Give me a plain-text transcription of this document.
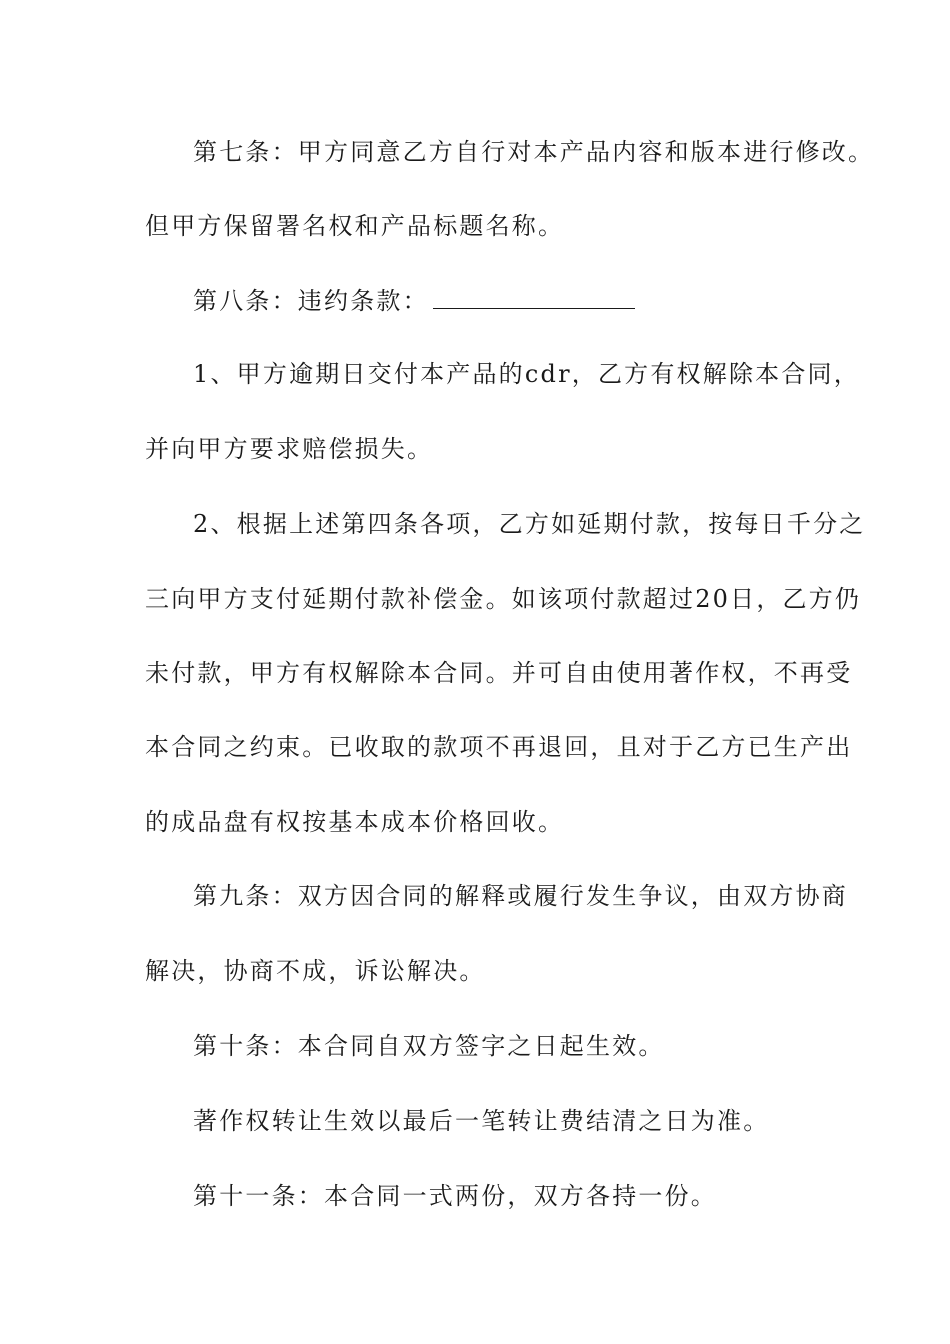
第七条：甲方同意乙方自行对本产品内容和版本进行修改。
但甲方保留署名权和产品标题名称。
第八条：违约条款：
1、甲方逾期日交付本产品的cdr，乙方有权解除本合同，
并向甲方要求赔偿损失。
2、根据上述第四条各项，乙方如延期付款，按每日千分之
三向甲方支付延期付款补偿金。如该项付款超过20日，乙方仍
未付款，甲方有权解除本合同。并可自由使用著作权，不再受
本合同之约束。已收取的款项不再退回，且对于乙方已生产出
的成品盘有权按基本成本价格回收。
第九条：双方因合同的解释或履行发生争议，由双方协商
解决，协商不成，诉讼解决。
第十条：本合同自双方签字之日起生效。
著作权转让生效以最后一笔转让费结清之日为准。
第十一条：本合同一式两份，双方各持一份。
